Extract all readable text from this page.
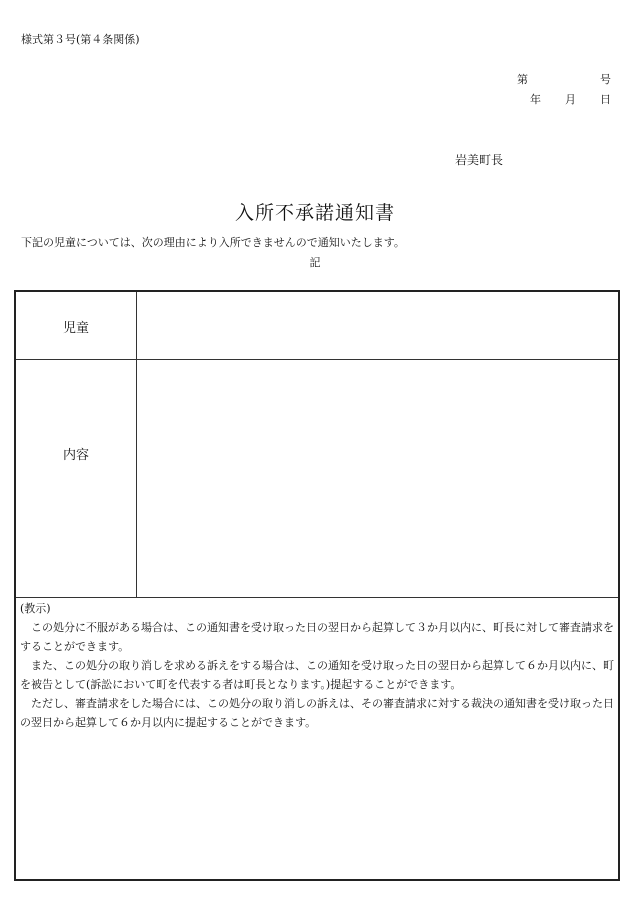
様式第３号(第４条関係)
第	号
年 月 日
岩美町長
入所不承諾通知書
下記の児童については、次の理由により入所できませんので通知いたします。
記
児童
内容

(教示)

この処分に不服がある場合は、この通知書を受け取った日の翌日から起算して３か月以内に、町長に対して審査請求をすることができます。

また、この処分の取り消しを求める訴えをする場合は、この通知を受け取った日の翌日から起算して６か月以内に、町を被告として(訴訟において町を代表する者は町長となります。)提起することができます。

ただし、審査請求をした場合には、この処分の取り消しの訴えは、その審査請求に対する裁決の通知書を受け取った日の翌日から起算して６か月以内に提起することができます。
